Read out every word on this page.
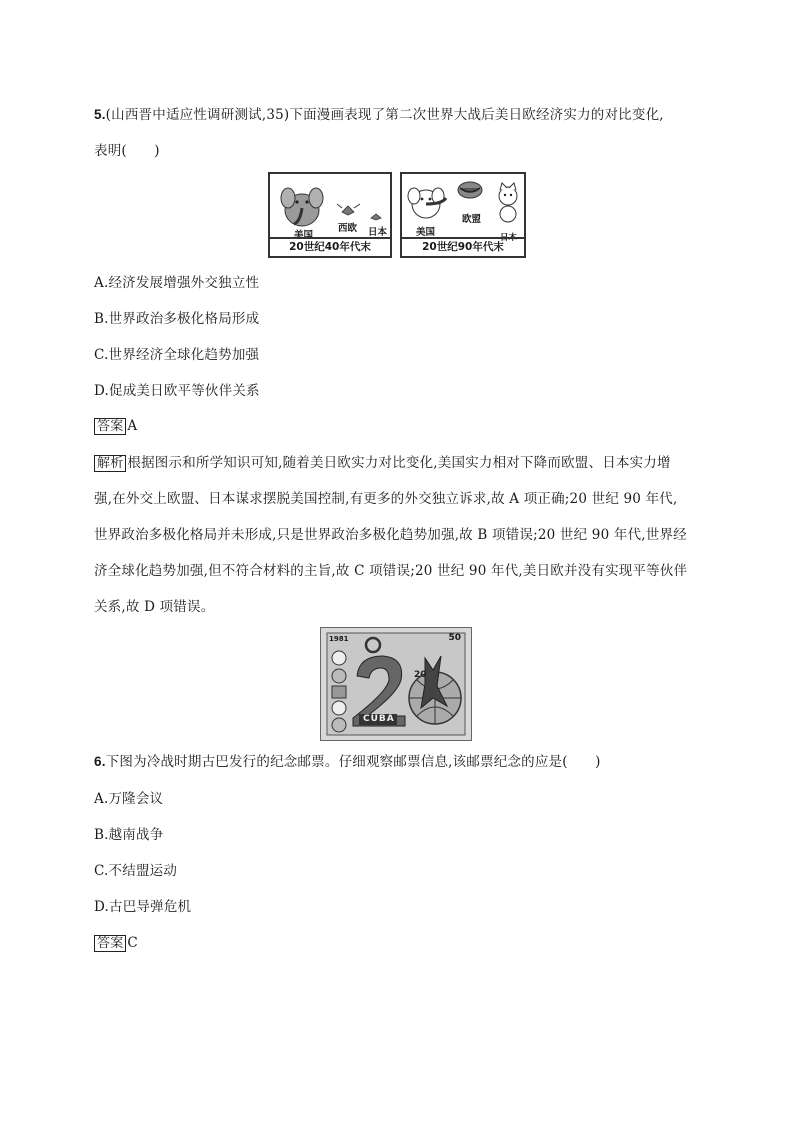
5.(山西晋中适应性调研测试,35)下面漫画表现了第二次世界大战后美日欧经济实力的对比变化,
表明(　　)
美国
西欧 日本
20世纪40年代末
美国
欧盟
日本
20世纪90年代末
A.经济发展增强外交独立性
B.世界政治多极化格局形成
C.世界经济全球化趋势加强
D.促成美日欧平等伙伴关系
答案 A
解析 根据图示和所学知识可知,随着美日欧实力对比变化,美国实力相对下降而欧盟、日本实力增
强,在外交上欧盟、日本谋求摆脱美国控制,有更多的外交独立诉求,故 A 项正确;20 世纪 90 年代,
世界政治多极化格局并未形成,只是世界政治多极化趋势加强,故 B 项错误;20 世纪 90 年代,世界经
济全球化趋势加强,但不符合材料的主旨,故 C 项错误;20 世纪 90 年代,美日欧并没有实现平等伙伴
关系,故 D 项错误。
1981	50
20
CUBA
6.下图为冷战时期古巴发行的纪念邮票。仔细观察邮票信息,该邮票纪念的应是(　　)
A.万隆会议
B.越南战争
C.不结盟运动
D.古巴导弹危机
答案 C
